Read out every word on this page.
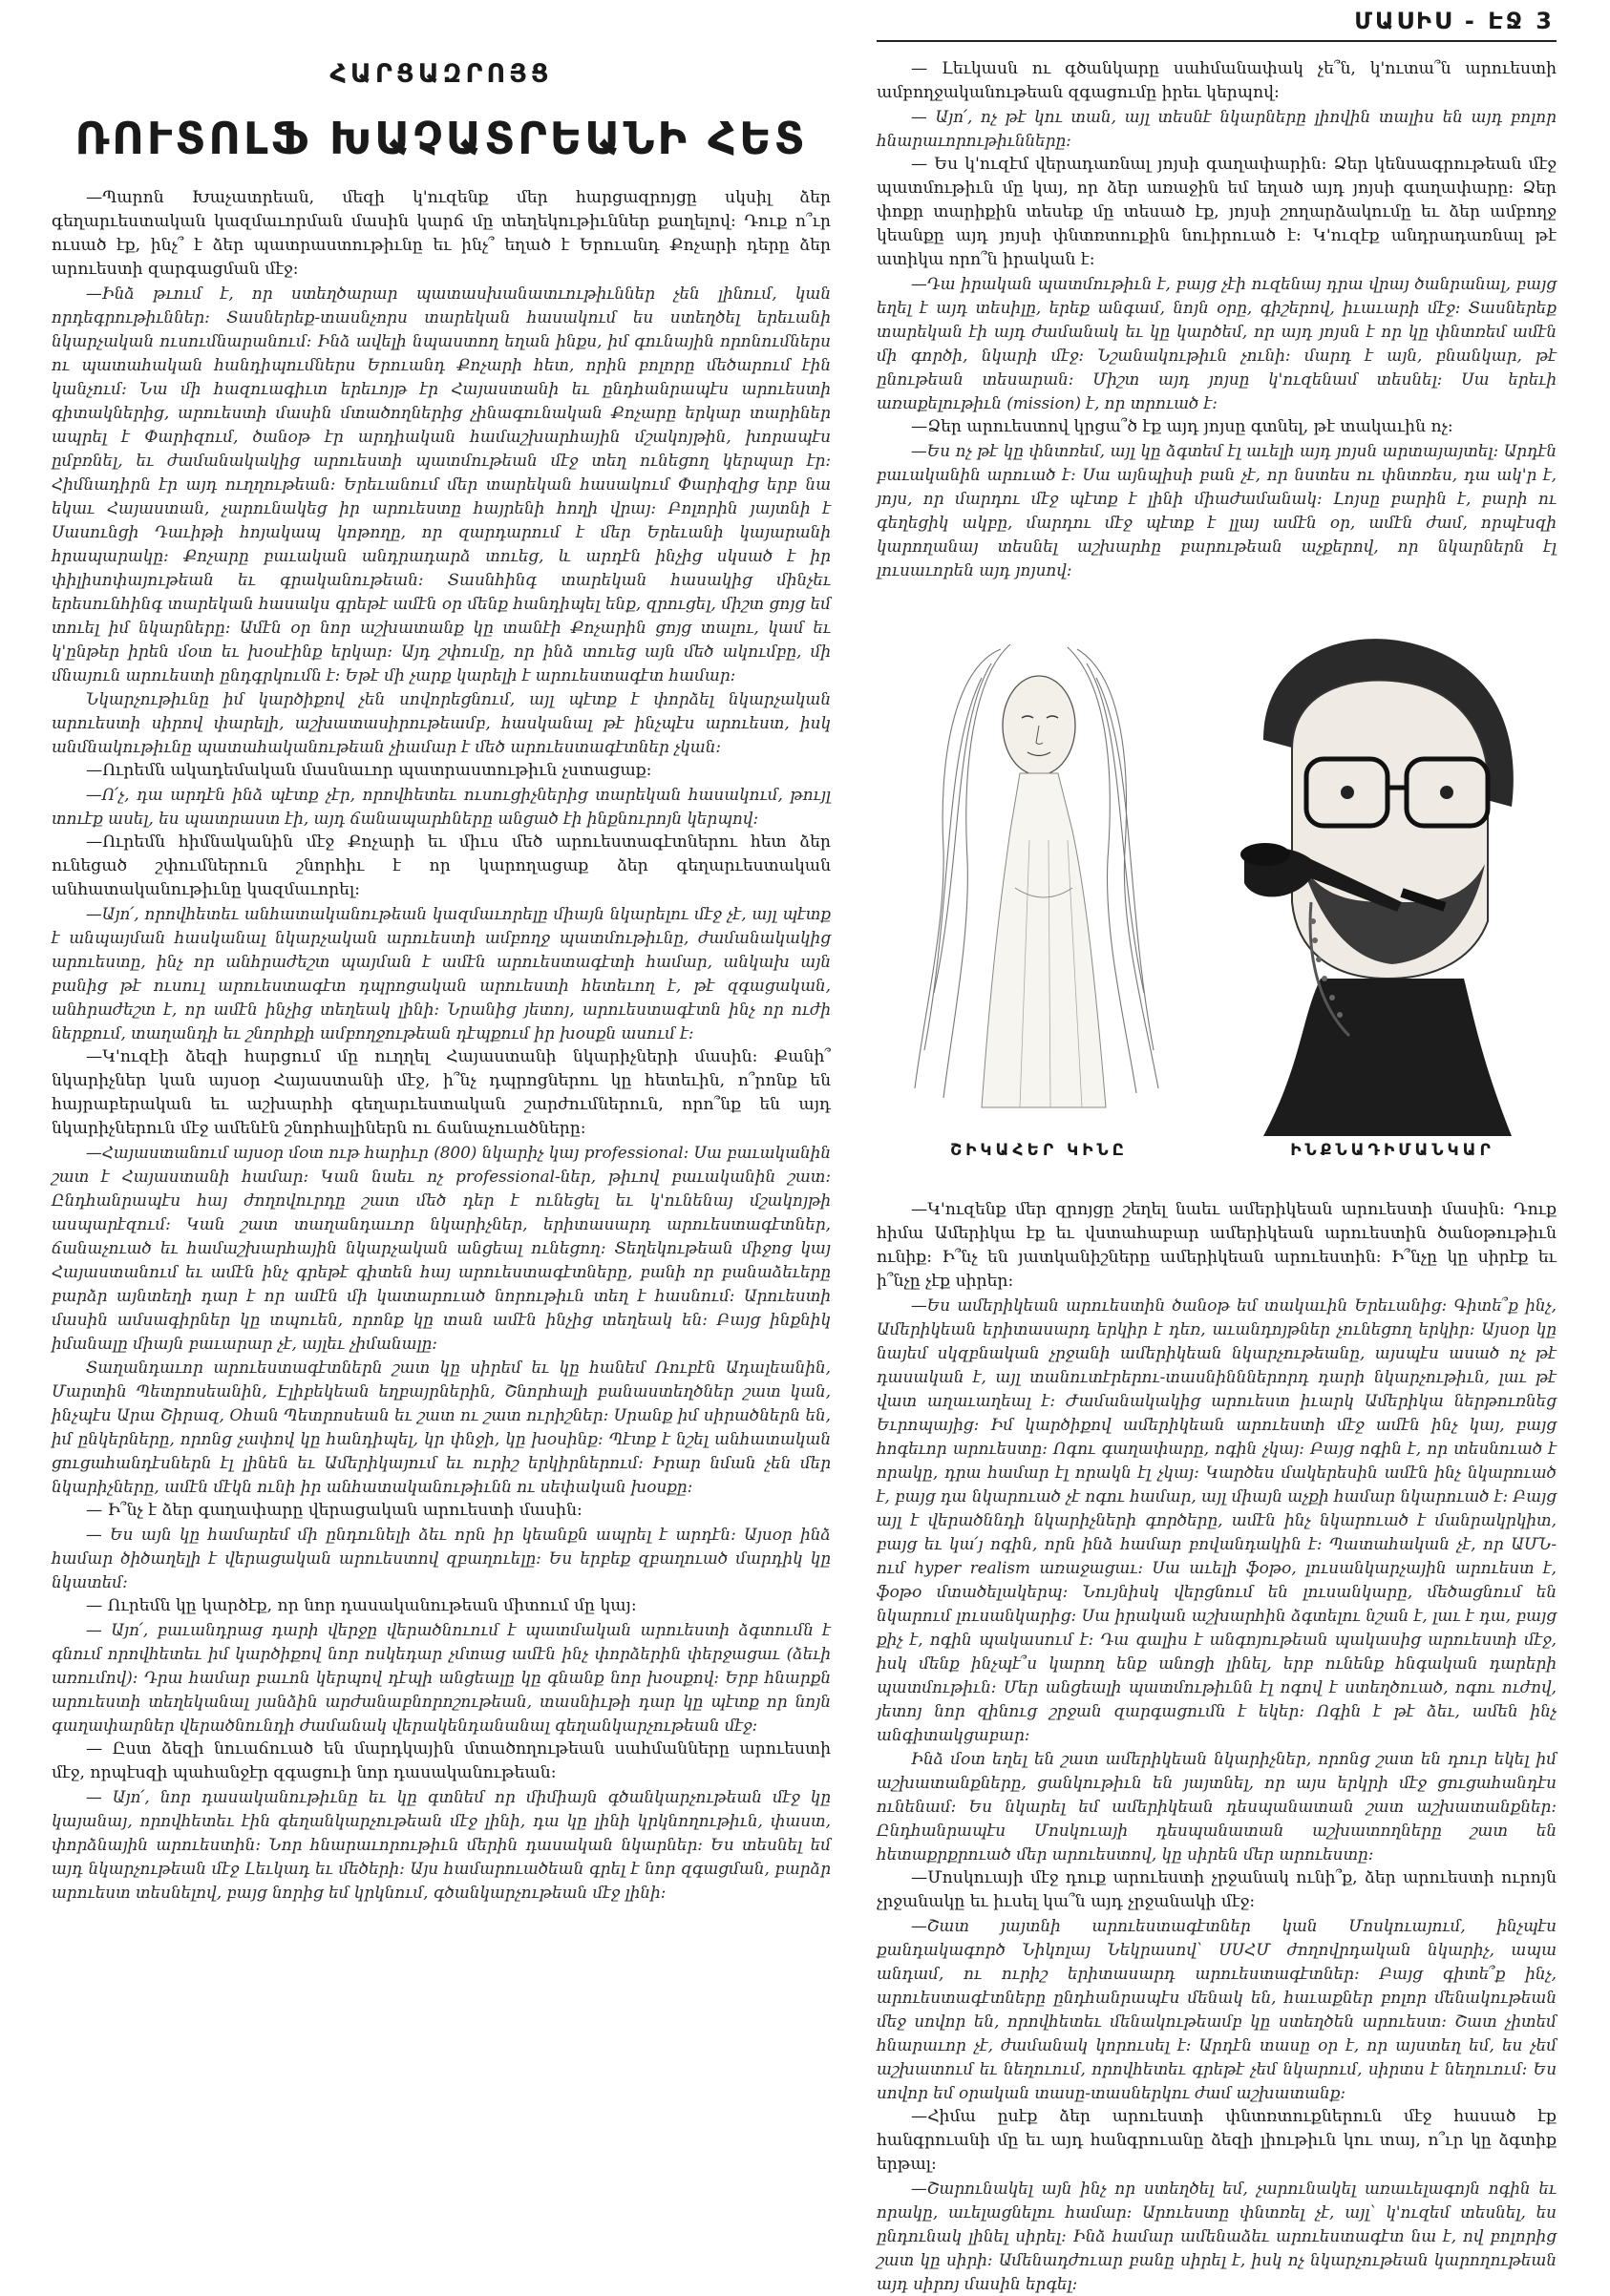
ՄԱՍԻՍ - ԷՋ 3
ՀԱՐՑԱԶՐՈՅՑ
ՌՈՒՏՈԼՖ ԽԱՉԱՏՐԵԱՆԻ ՀԵՏ

—Պարոն Խաչատրեան, մեզի կ'ուզենք մեր հարցազրոյցը սկսիլ ձեր գեղարւեստական կազմաւորման մասին կարճ մը տեղեկութիւններ քաղելով: Դուք ո՞ւր ուսած էք, ինչ՞ է ձեր պատրաստութիւնը եւ ինչ՞ եղած է Երուանդ Քոչարի դերը ձեր արուեստի զարգացման մէջ:

—Ինձ թւում է, որ ստեղծարար պատասխանատւութիւններ չեն լինում, կան որդեգրութիւններ: Տասներեք-տասնչորս տարեկան հասակում ես ստեղծել երեւանի նկարչական ուսումնարանում: Ինձ ավելի նպաստող եղան ինքս, իմ գունային որոնումներս ու պատահական հանդիպումներս Երուանդ Քոչարի հետ, որին բոլորը մեծարում էին կանչում: Նա մի հազուագիւտ երեւոյթ էր Հայաստանի եւ ընդհանրապէս արուեստի գիտակներից, արուեստի մասին մտածողներից չինագունական Քոչարը երկար տարիներ ապրել է Փարիզում, ծանօթ էր արդիական համաշխարհային մշակոյթին, խորապէս ըմբռնել, եւ ժամանակակից արուեստի պատմութեան մէջ տեղ ունեցող կերպար էր: Հիմնադիրն էր այդ ուղղութեան: Երեւանում մեր տարեկան հասակում Փարիզից երբ նա եկաւ Հայաստան, չարունակեց իր արուեստը հայրենի հողի վրայ: Բոլորին յայտնի է Սասունցի Դաւիթի հոյակապ կոթողը, որ զարդարում է մեր Երեւանի կայարանի հրապարակը: Քոչարը բաւական անդրադարձ տուեց, և արդէն ինչից սկսած է իր փիլիսոփայութեան եւ գրականութեան: Տասնհինգ տարեկան հասակից մինչեւ երեսունհինգ տարեկան հասակս գրեթէ ամէն օր մենք հանդիպել ենք, զրուցել, միշտ ցոյց եմ տուել իմ նկարները: Ամէն օր նոր աշխատանք կը տանէի Քոչարին ցոյց տալու, կամ եւ կ'ընթեր իրեն մօտ եւ խօսէինք երկար: Այդ շփումը, որ ինձ տուեց այն մեծ ակումբը, մի մնայուն արուեստի ընդգրկումն է: Եթէ մի չարք կարելի է արուեստագէտ համար:

Նկարչութիւնը իմ կարծիքով չեն սովորեցնում, այլ պէտք է փորձել նկարչական արուեստի սիրով փարելի, աշխատասիրութեամբ, հասկանալ թէ ինչպէս արուեստ, իսկ անմնակութիւնը պատահականութեան չիամար է մեծ արուեստագէտներ չկան:

—Ուրեմն ակադեմական մասնաւոր պատրաստութիւն չստացաք:

—Ո՛չ, դա արդէն ինձ պէտք չէր, որովհետեւ ուսուցիչներից տարեկան հասակում, թույլ տուէք ասել, ես պատրաստ էի, այդ ճանապարհները անցած էի ինքնուրոյն կերպով:

—Ուրեմն հիմնականին մէջ Քոչարի եւ միւս մեծ արուեստագէտներու հետ ձեր ունեցած շփումներուն շնորհիւ է որ կարողացաք ձեր գեղարւեստական անհատականութիւնը կազմաւորել:

—Այո՛, որովհետեւ անհատականութեան կազմաւորելը միայն նկարելու մէջ չէ, այլ պէտք է անպայման հասկանալ նկարչական արուեստի ամբողջ պատմութիւնը, ժամանակակից արուեստը, ինչ որ անհրաժեշտ պայման է ամէն արուեստագէտի համար, անկախ այն բանից թէ ուսուլ արուեստագէտ դպրոցական արուեստի հետեւող է, թէ զգացական, անհրաժեշտ է, որ ամէն ինչից տեղեակ լինի: Նրանից յետոյ, արուեստագէտն ինչ որ ուժի ներքում, տաղանդի եւ շնորհքի ամբողջութեան դէպքում իր խօսքն ասում է:

—Կ'ուզէի ձեզի հարցում մը ուղղել Հայաստանի նկարիչների մասին: Քանի՞ նկարիչներ կան այսօր Հայաստանի մէջ, ի՞նչ դպրոցներու կը հետեւին, ո՞րոնք են հայրաբերական եւ աշխարհի գեղարւեստական շարժումներուն, որո՞նք են այդ նկարիչներուն մէջ ամենէն շնորհալիներն ու ճանաչուածները:

—Հայաստանում այսօր մօտ ութ հարիւր (800) նկարիչ կայ professional: Սա բաւականին շատ է Հայաստանի համար: Կան նաեւ ոչ professional-ներ, թիւով բաւականին շատ: Ընդհանրապէս հայ ժողովուրդը շատ մեծ դեր է ունեցել եւ կ'ունենայ մշակոյթի ասպարէզում: Կան շատ տաղանդաւոր նկարիչներ, երիտասարդ արուեստագէտներ, ճանաչուած եւ համաշխարհային նկարչական անցեալ ունեցող: Տեղեկութեան միջոց կայ Հայաստանում եւ ամէն ինչ գրեթէ գիտեն հայ արուեստագէտները, բանի որ բանաձեւերը բարձր այնտեղի դար է որ ամէն մի կատարուած նորութիւն տեղ է հասնում: Արուեստի մասին ամսագիրներ կը տպուեն, որոնք կը տան ամէն ինչից տեղեակ են: Բայց ինքնիկ իմանալը միայն բաւարար չէ, այլեւ չիմանալը:

Տաղանդաւոր արուեստագէտներն շատ կը սիրեմ եւ կը հանեմ Ռուբէն Ադալեանին, Մարտին Պետրոսեանին, Էլիբեկեան եղբայրներին, Շնորհալի բանաստեղծներ շատ կան, ինչպէս Արա Շիրազ, Օհան Պետրոսեան եւ շատ ու շատ ուրիշներ: Սրանք իմ սիրածներն են, իմ ընկերները, որոնց չափով կը հանդիպել, կր փնջի, կը խօսինք: Պէտք է նշել անհատական ցուցահանդէսներն էլ լինեն եւ Ամերիկայում եւ ուրիշ երկիրներում: Իրար նման չեն մեր նկարիչները, ամէն մէկն ունի իր անհատականութիւնն ու սեփական խօսքը:

— Ի՞նչ է ձեր գաղափարը վերացական արուեստի մասին:

— Ես այն կը համարեմ մի ընդունելի ձեւ որն իր կեանքն ապրել է արդէն: Այսօր ինձ համար ծիծաղելի է վերացական արուեստով զբաղուելը: Ես երբեք զբաղուած մարդիկ կը նկատեմ:

— Ուրեմն կը կարծէք, որ նոր դասականութեան միտում մը կայ:

— Այո՛, բաւանդրաց դարի վերջը վերածնուում է պատմական արուեստի ձգտումն է գնում որովհետեւ իմ կարծիքով նոր ոսկեդար չմտաց ամէն ինչ փորձերին փերջացաւ (ձեւի առումով): Դրա համար բաւոն կերպով դէպի անցեալը կը գնանք նոր խօսքով: Երբ հնարքն արուեստի տեղեկանալ յանձին արժանաբնորոշութեան, տասնիւթի դար կը պէտք որ նոյն գաղափարներ վերածնունդի ժամանակ վերակենդանանալ գեղանկարչութեան մէջ:

— Ըստ ձեզի նուաճուած են մարդկային մտածողութեան սահմանները արուեստի մէջ, որպէսզի պահանջէր զգացուի նոր դասականութեան:

— Այո՛, նոր դասականութիւնը եւ կը գտնեմ որ միմիայն գծանկարչութեան մէջ կը կայանայ, որովհետեւ էին գեղանկարչութեան մէջ լինի, դա կը լինի կրկնողութիւն, փաստ, փորձնային արուեստին: Նոր հնարաւորութիւն մերին դասական նկարներ: Ես տեսնել եմ այդ նկարչութեան մէջ Լեւկադ եւ մեծերի: Այս համարուածեան գրել է նոր զգացման, բարձր արուեստ տեսնելով, բայց նորից եմ կրկնում, գծանկարչութեան մէջ լինի:

— Լեւկասն ու գծանկարը սահմանափակ չե՞ն, կ'ուտա՞ն արուեստի ամբողջականութեան զգացումը իրեւ կերպով:

— Այո՛, ոչ թէ կու տան, այլ տեսնէ նկարները լիովին տալիս են այդ բոլոր հնարաւորութիւնները:

— Ես կ'ուզէմ վերադառնալ յոյսի գաղափարին: Ձեր կենսագրութեան մէջ պատմութիւն մը կայ, որ ձեր առաջին եմ եղած այդ յոյսի գաղափարը: Ձեր փոքր տարիքին տեսեք մը տեսած էք, յոյսի շողարձակումը եւ ձեր ամբողջ կեանքը այդ յոյսի փնտռտուքին նուիրուած է: Կ'ուզէք անդրադառնալ թէ ատիկա որո՞ն իրական է:

—Դա իրական պատմութիւն է, բայց չէի ուզենայ դրա վրայ ծանրանալ, բայց եղել է այդ տեսիլը, երեք անգամ, նոյն օրը, գիշերով, իւաւարի մէջ: Տասներեք տարեկան էի այդ ժամանակ եւ կը կարծեմ, որ այդ յոյսն է որ կը փնտռեմ ամէն մի գործի, նկարի մէջ: Նշանակութիւն չունի: մարդ է այն, բնանկար, թէ ընութեան տեսարան: Միշտ այդ յոյսը կ'ուզենամ տեսնել: Սա երեւի առաքելութիւն (mission) է, որ տրուած է:

—Ձեր արուեստով կրցա՞ծ էք այդ յոյսը գտնել, թէ տակաւին ոչ:

—Ես ոչ թէ կը փնտռեմ, այլ կը ձգտեմ էլ աւելի այդ յոյսն արտայայտել: Արդէն բաւականին արուած է: Սա այնպիսի բան չէ, որ նստես ու փնտռես, դա ակ'ր է, յոյս, որ մարդու մէջ պէտք է լինի միաժամանակ: Լոյսը բարին է, բարի ու գեղեցիկ ակբը, մարդու մէջ պէտք է լլայ ամէն օր, ամէն ժամ, որպէսզի կարողանայ տեսնել աշխարհը բարութեան աչքերով, որ նկարներն էլ լուսաւորեն այդ յոյսով:

ՇԻԿԱՀԵՐ ԿԻՆԸ	ԻՆՔՆԱԴԻՄԱՆԿԱՐ

—Կ'ուզենք մեր զրոյցը շեղել նաեւ ամերիկեան արուեստի մասին: Դուք հիմա Ամերիկա էք եւ վստահաբար ամերիկեան արուեստին ծանօթութիւն ունիք: Ի՞նչ են յատկանիշները ամերիկեան արուեստին: Ի՞նչը կը սիրէք եւ ի՞նչը չէք սիրեր:

—Ես ամերիկեան արուեստին ծանօթ եմ տակաւին Երեւանից: Գիտե՞ք ինչ, Ամերիկեան երիտասարդ երկիր է դեռ, աւանդոյթներ չունեցող երկիր: Այսօր կը նայեմ սկզբնական չրջանի ամերիկեան նկարչութեանը, այսպէս ասած ոչ թէ դասական է, այլ տանուտէրերու-տասնինններորդ դարի նկարչութիւն, լաւ թէ վատ աղաւաղեալ է: Ժամանակակից արուեստ իւարկ Ամերիկա ներթուռնեց Եւրոպայից: Իմ կարծիքով ամերիկեան արուեստի մէջ ամէն ինչ կայ, բայց հոգեւոր արուեստը: Ոգու գաղափարը, ոգին չկայ: Բայց ոգին է, որ տեսնուած է որակը, դրա համար էլ որակն էլ չկայ: Կարծես մակերեսին ամէն ինչ նկարուած է, բայց դա նկարուած չէ ոգու համար, այլ միայն աչքի համար նկարուած է: Բայց այլ է վերածննդի նկարիչների գործերը, ամէն ինչ նկարուած է մանրակրկիտ, բայց եւ կա՛յ ոգին, որն ինձ համար բովանդակին է: Պատահական չէ, որ ԱՄՆ-ում hyper realism առաջացաւ: Սա աւելի ֆօթօ, լուսանկարչային արուեստ է, ֆօթօ մտածելակերպ: Նույնիսկ վերցնում են լուսանկարը, մեծացնում են նկարում լուսանկարից: Սա իրական աշխարհին ձգտելու նշան է, լաւ է դա, բայց քիչ է, ոգին պակասում է: Դա գալիս է անգոյութեան պակասից արուեստի մէջ, իսկ մենք ինչպէ՞ս կարող ենք անոցի լինել, երբ ունենք հնգական դարերի պատմութիւն: Մեր անցեալի պատմութիւնն էլ ոգով է ստեղծուած, ոգու ուժով, յետոյ նոր զինուց շրջան զարգացումն է եկեր: Ոգին է թէ ձեւ, ամեն ինչ անգիտակցաբար:

Ինձ մօտ եղել են շատ ամերիկեան նկարիչներ, որոնց շատ են դուր եկել իմ աշխատանքները, ցանկութիւն են յայտնել, որ այս երկրի մէջ ցուցահանդէս ունենամ: Ես նկարել եմ ամերիկեան դեսպանատան շատ աշխատանքներ: Ընդհանրապէս Մոսկուայի դեսպանատան աշխատողները շատ են հետաքրքրուած մեր արուեստով, կը սիրեն մեր արուեստը:

—Մոսկուայի մէջ դուք արուեստի չրջանակ ունի՞ք, ձեր արուեստի ուրոյն չրջանակը եւ իւսել կա՞ն այդ չրջանակի մէջ:

—Շատ յայտնի արուեստագէտներ կան Մոսկուայում, ինչպէս քանդակագործ Նիկոլայ Նեկրասով՝ ՍՍՀՄ ժողովրդական նկարիչ, ապա անդամ, ու ուրիշ երիտասարդ արուեստագէտներ: Բայց գիտե՞ք ինչ, արուեստագէտները ընդհանրապէս մենակ են, հաւաքներ բոլոր մենակութեան մեջ սովոր են, որովհետեւ մենակութեամբ կը ստեղծեն արուեստ: Շատ չիտեմ հնարաւոր չէ, ժամանակ կորուսել է: Արդէն տասը օր է, որ այստեղ եմ, ես չեմ աշխատում եւ նեղուում, որովհետեւ գրեթէ չեմ նկարում, սիրտս է նեղուում: Ես սովոր եմ օրական տասը-տասներկու ժամ աշխատանք:

—Հիմա ըսէք ձեր արուեստի փնտռտուքներուն մէջ հասած էք հանգրուանի մը եւ այդ հանգրուանը ձեզի լիութիւն կու տայ, ո՞ւր կը ձգտիք երթալ:

—Շարունակել այն ինչ որ ստեղծել եմ, չարունակել առաւելագոյն ոգին եւ որակը, աւելացնելու համար: Արուեստը փնտռել չէ, այլ՝ կ'ուզեմ տեսնել, ես ընդունակ լինել սիրել: Ինձ համար ամենաձեւ արուեստագէտ նա է, ով բոլորից շատ կը սիրի: Ամենադժուար բանը սիրել է, իսկ ոչ նկարչութեան կարողութեան այդ սիրոյ մասին երգել:
